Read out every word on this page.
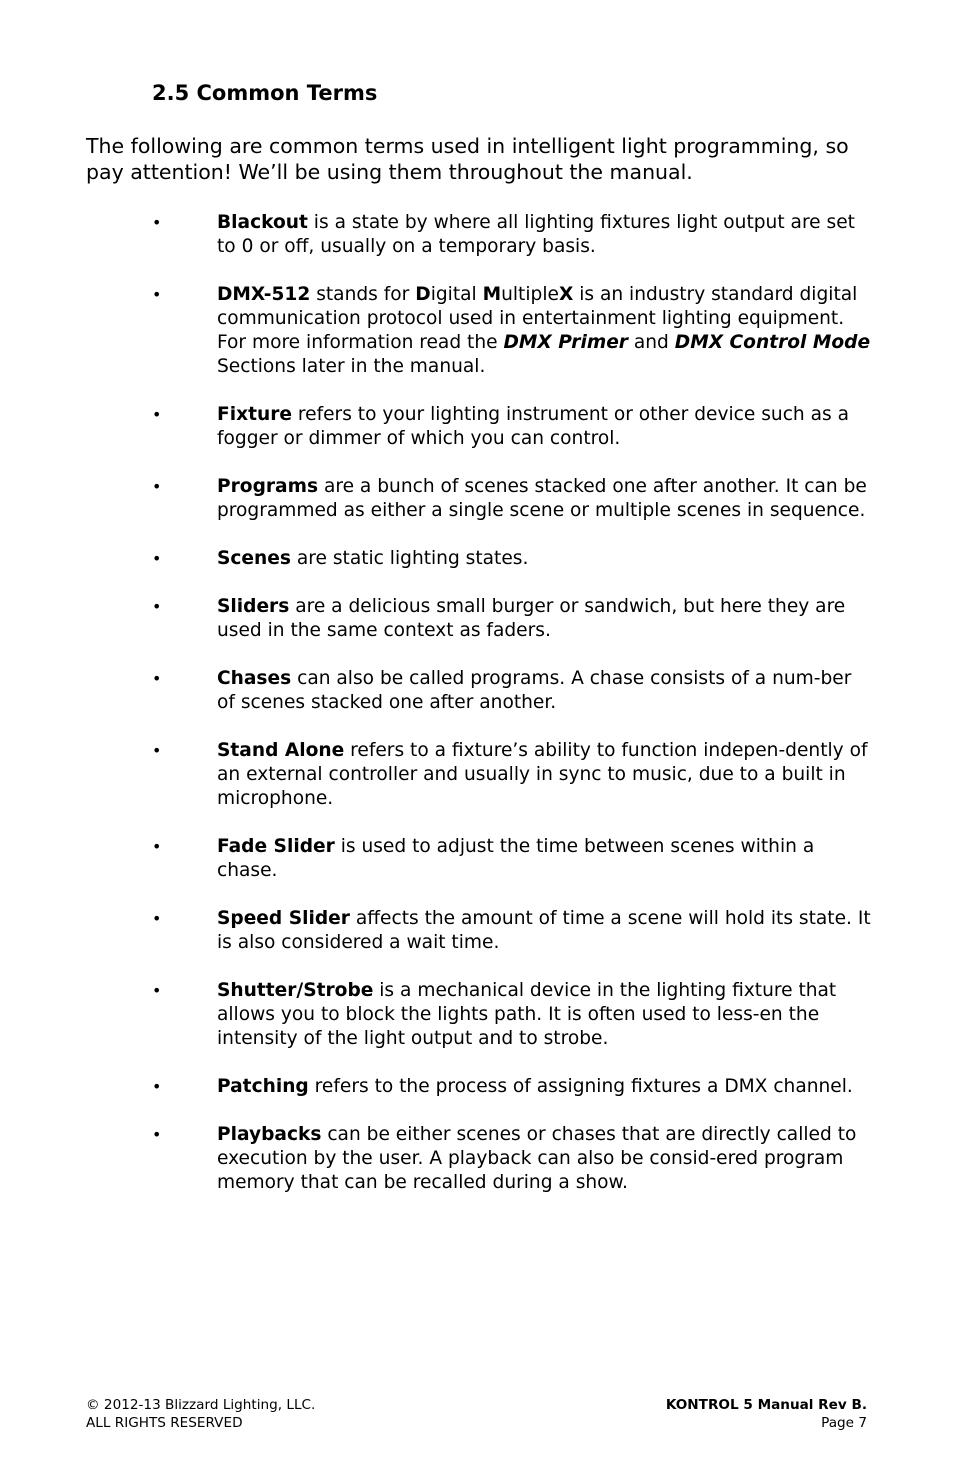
2.5 Common Terms

The following are common terms used in intelligent light programming, so pay attention! We’ll be using them throughout the manual.

•	Blackout is a state by where all lighting fixtures light output are set to 0 or off, usually on a temporary basis.
•	DMX-512 stands for Digital MultipleX is an industry standard digital communication protocol used in entertainment lighting equipment. For more information read the DMX Primer and DMX Control Mode Sections later in the manual.
•	Fixture refers to your lighting instrument or other device such as a fogger or dimmer of which you can control.
•	Programs are a bunch of scenes stacked one after another. It can be programmed as either a single scene or multiple scenes in sequence.
•	Scenes are static lighting states.
•	Sliders are a delicious small burger or sandwich, but here they are used in the same context as faders.
•	Chases can also be called programs. A chase consists of a num-ber of scenes stacked one after another.
•	Stand Alone refers to a fixture’s ability to function indepen-dently of an external controller and usually in sync to music, due to a built in microphone.
•	Fade Slider is used to adjust the time between scenes within a chase.
•	Speed Slider affects the amount of time a scene will hold its state. It is also considered a wait time.
•	Shutter/Strobe is a mechanical device in the lighting fixture that allows you to block the lights path. It is often used to less-en the intensity of the light output and to strobe.
•	Patching refers to the process of assigning fixtures a DMX channel.
•	Playbacks can be either scenes or chases that are directly called to execution by the user. A playback can also be consid-ered program memory that can be recalled during a show.
© 2012-13 Blizzard Lighting, LLC.
ALL RIGHTS RESERVED
KONTROL 5 Manual Rev B.
Page 7
